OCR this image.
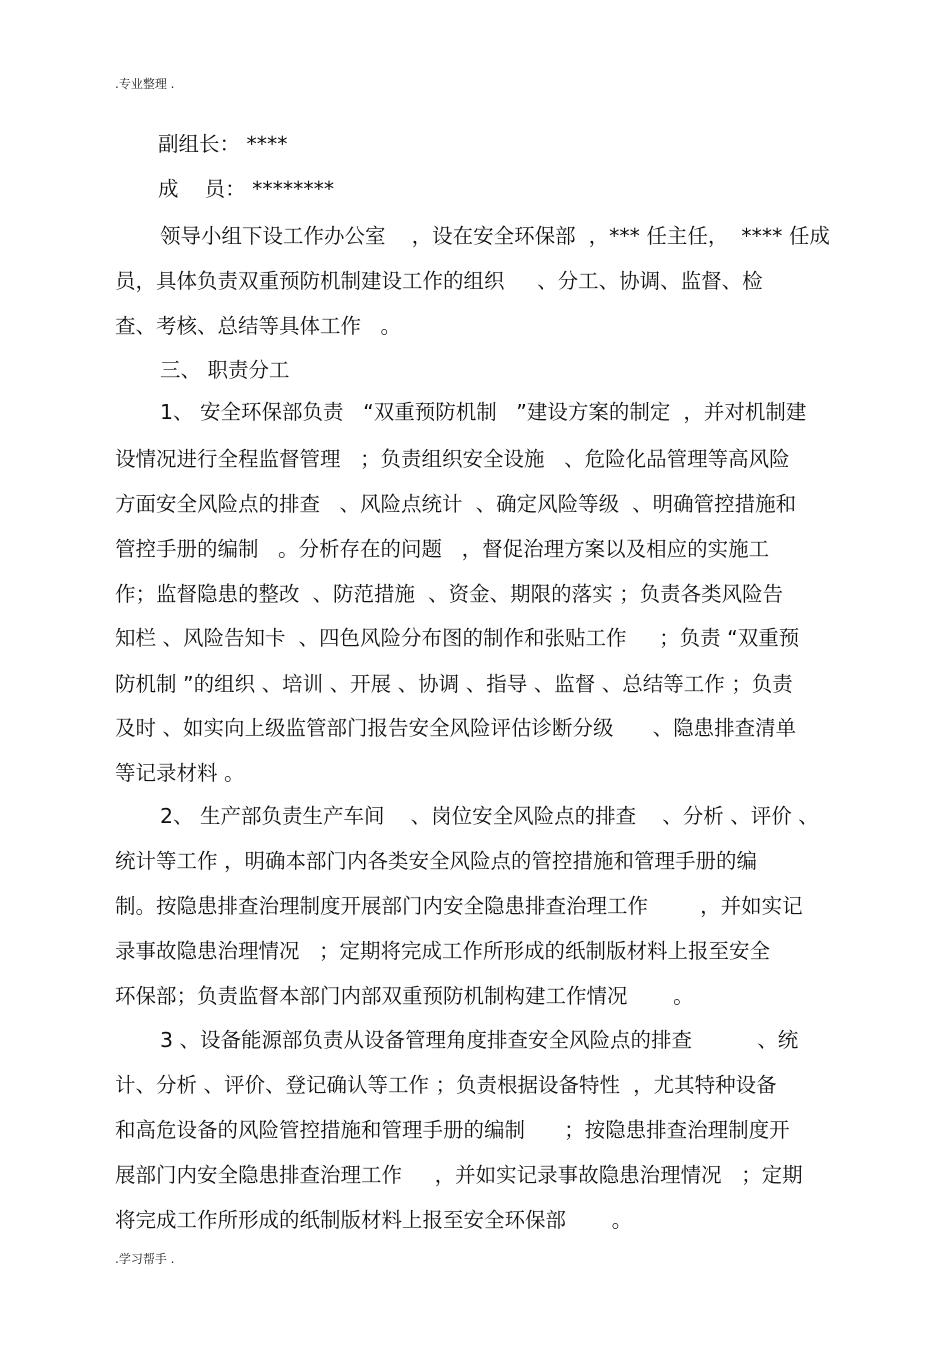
.专业整理 .
副组长： ****
成    员： ********
领导小组下设工作办公室    ，设在安全环保部  ，*** 任主任，  **** 任成
员，具体负责双重预防机制建设工作的组织     、分工、协调、监督、检
查、考核、总结等具体工作   。
三、 职责分工
1、 安全环保部负责   “双重预防机制   ”建设方案的制定  ，并对机制建
设情况进行全程监督管理   ；负责组织安全设施   、危险化品管理等高风险
方面安全风险点的排查   、风险点统计  、确定风险等级  、明确管控措施和
管控手册的编制   。分析存在的问题   ，督促治理方案以及相应的实施工
作；监督隐患的整改  、防范措施  、资金、期限的落实 ；负责各类风险告
知栏 、风险告知卡  、四色风险分布图的制作和张贴工作     ；负责 “双重预
防机制 ”的组织 、培训 、开展 、协调 、指导 、监督 、总结等工作 ；负责
及时 、如实向上级监管部门报告安全风险评估诊断分级      、隐患排查清单
等记录材料 。
2、 生产部负责生产车间    、岗位安全风险点的排查    、分析 、评价 、
统计等工作 ，明确本部门内各类安全风险点的管控措施和管理手册的编
制。按隐患排查治理制度开展部门内安全隐患排查治理工作        ，并如实记
录事故隐患治理情况   ；定期将完成工作所形成的纸制版材料上报至安全
环保部；负责监督本部门内部双重预防机制构建工作情况       。
3 、设备能源部负责从设备管理角度排查安全风险点的排查          、统
计、分析 、评价、登记确认等工作 ；负责根据设备特性  ，尤其特种设备
和高危设备的风险管控措施和管理手册的编制      ；按隐患排查治理制度开
展部门内安全隐患排查治理工作     ，并如实记录事故隐患治理情况   ；定期
将完成工作所形成的纸制版材料上报至安全环保部       。
.学习帮手 .
